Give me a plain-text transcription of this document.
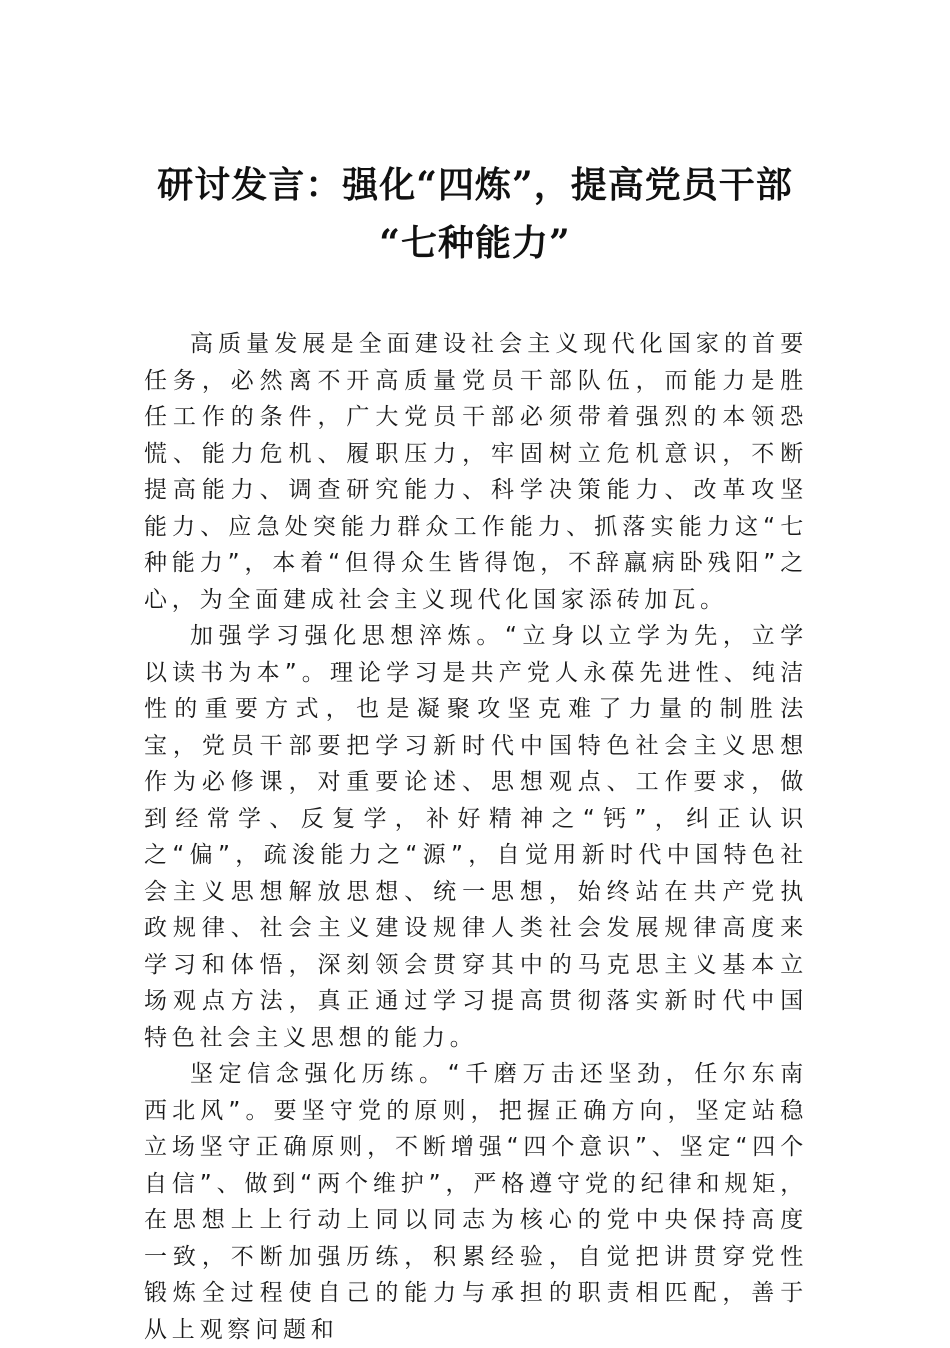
研讨发言：强化“四炼”，提高党员干部
“七种能力”

高质量发展是全面建设社会主义现代化国家的首要任务，必然离不开高质量党员干部队伍，而能力是胜任工作的条件，广大党员干部必须带着强烈的本领恐慌、能力危机、履职压力，牢固树立危机意识，不断提高能力、调查研究能力、科学决策能力、改革攻坚能力、应急处突能力群众工作能力、抓落实能力这“七种能力”，本着“但得众生皆得饱，不辞羸病卧残阳”之心，为全面建成社会主义现代化国家添砖加瓦。

加强学习强化思想淬炼。“立身以立学为先，立学以读书为本”。理论学习是共产党人永葆先进性、纯洁性的重要方式，也是凝聚攻坚克难了力量的制胜法宝，党员干部要把学习新时代中国特色社会主义思想作为必修课，对重要论述、思想观点、工作要求，做到经常学、反复学，补好精神之“钙”，纠正认识之“偏”，疏浚能力之“源”，自觉用新时代中国特色社会主义思想解放思想、统一思想，始终站在共产党执政规律、社会主义建设规律人类社会发展规律高度来学习和体悟，深刻领会贯穿其中的马克思主义基本立场观点方法，真正通过学习提高贯彻落实新时代中国特色社会主义思想的能力。

坚定信念强化历练。“千磨万击还坚劲，任尔东南西北风”。要坚守党的原则，把握正确方向，坚定站稳立场坚守正确原则，不断增强“四个意识”、坚定“四个自信”、做到“两个维护”，严格遵守党的纪律和规矩，在思想上上行动上同以同志为核心的党中央保持高度一致，不断加强历练，积累经验，自觉把讲贯穿党性锻炼全过程使自己的能力与承担的职责相匹配，善于从上观察问题和
